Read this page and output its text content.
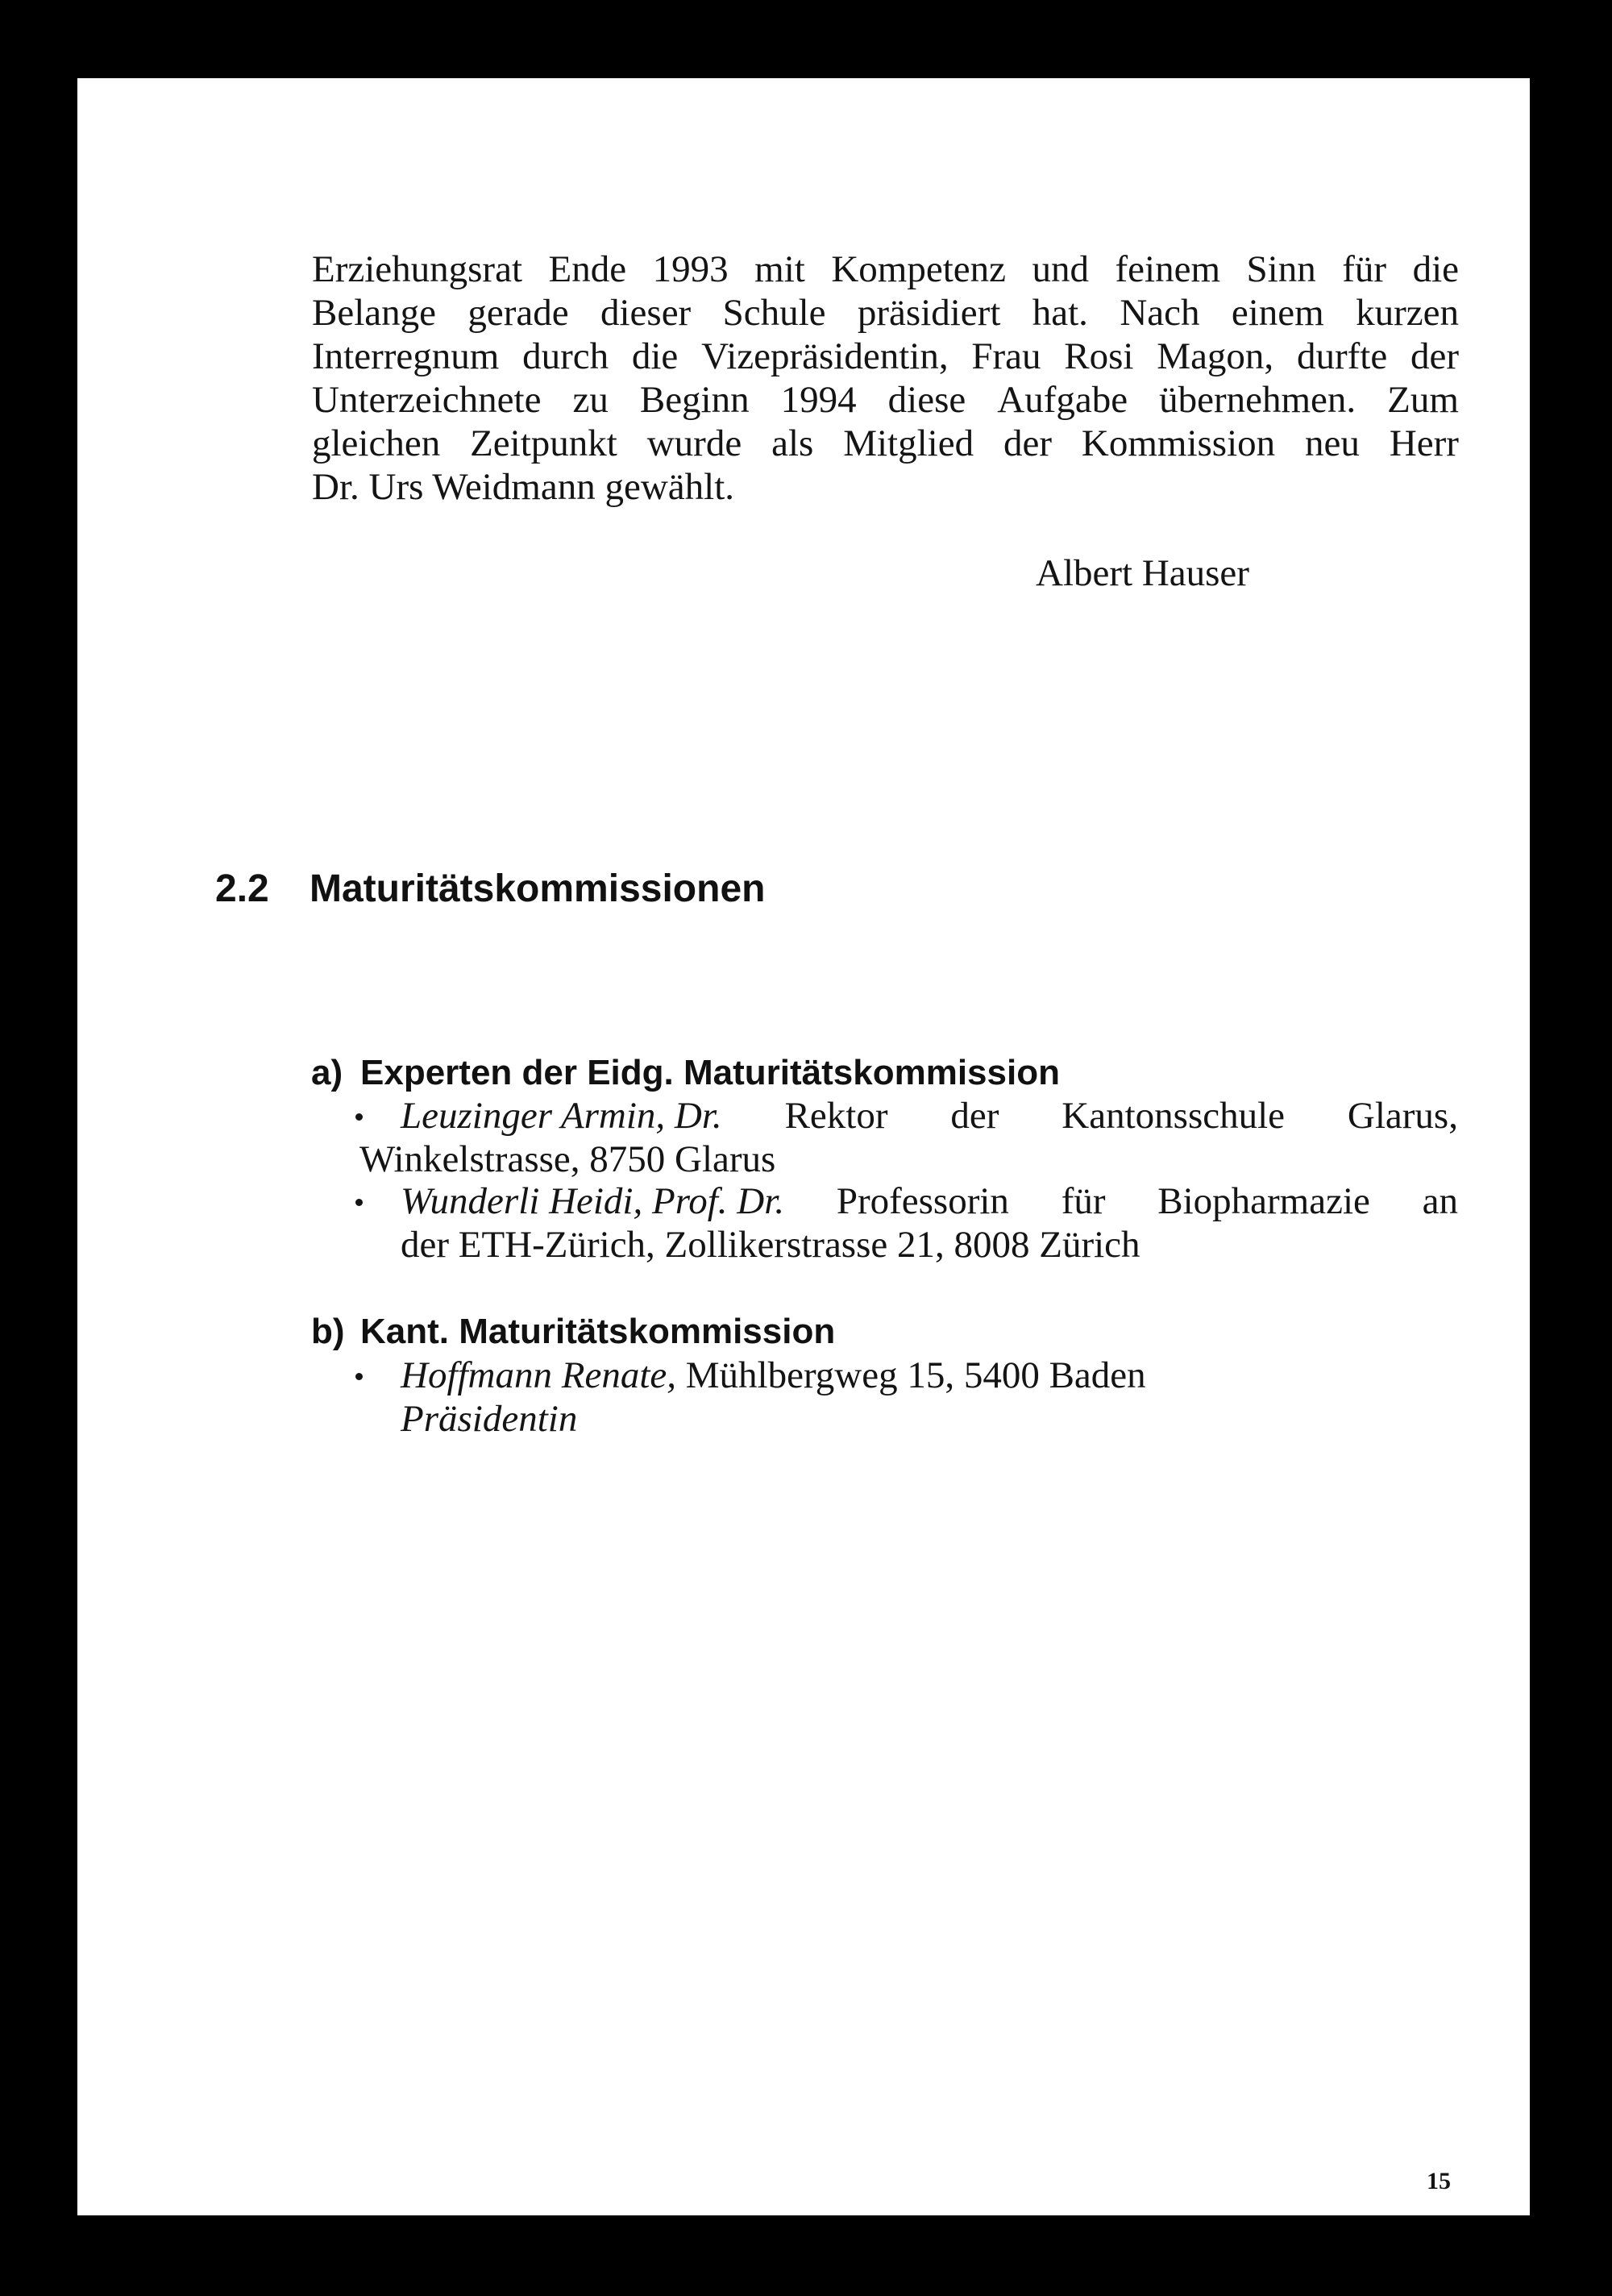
Erziehungsrat Ende 1993 mit Kompetenz und feinem Sinn für die
Belange gerade dieser Schule präsidiert hat. Nach einem kurzen
Interregnum durch die Vizepräsidentin, Frau Rosi Magon, durfte der
Unterzeichnete zu Beginn 1994 diese Aufgabe übernehmen. Zum
gleichen Zeitpunkt wurde als Mitglied der Kommission neu Herr
Dr. Urs Weidmann gewählt.
Albert Hauser
2.2 Maturitätskommissionen
a) Experten der Eidg. Maturitätskommission
Leuzinger Armin, Dr. Rektor der Kantonsschule Glarus,
Winkelstrasse, 8750 Glarus
Wunderli Heidi, Prof. Dr. Professorin für Biopharmazie an
der ETH-Zürich, Zollikerstrasse 21, 8008 Zürich
b) Kant. Maturitätskommission
Hoffmann Renate, Mühlbergweg 15, 5400 Baden
Präsidentin
15
